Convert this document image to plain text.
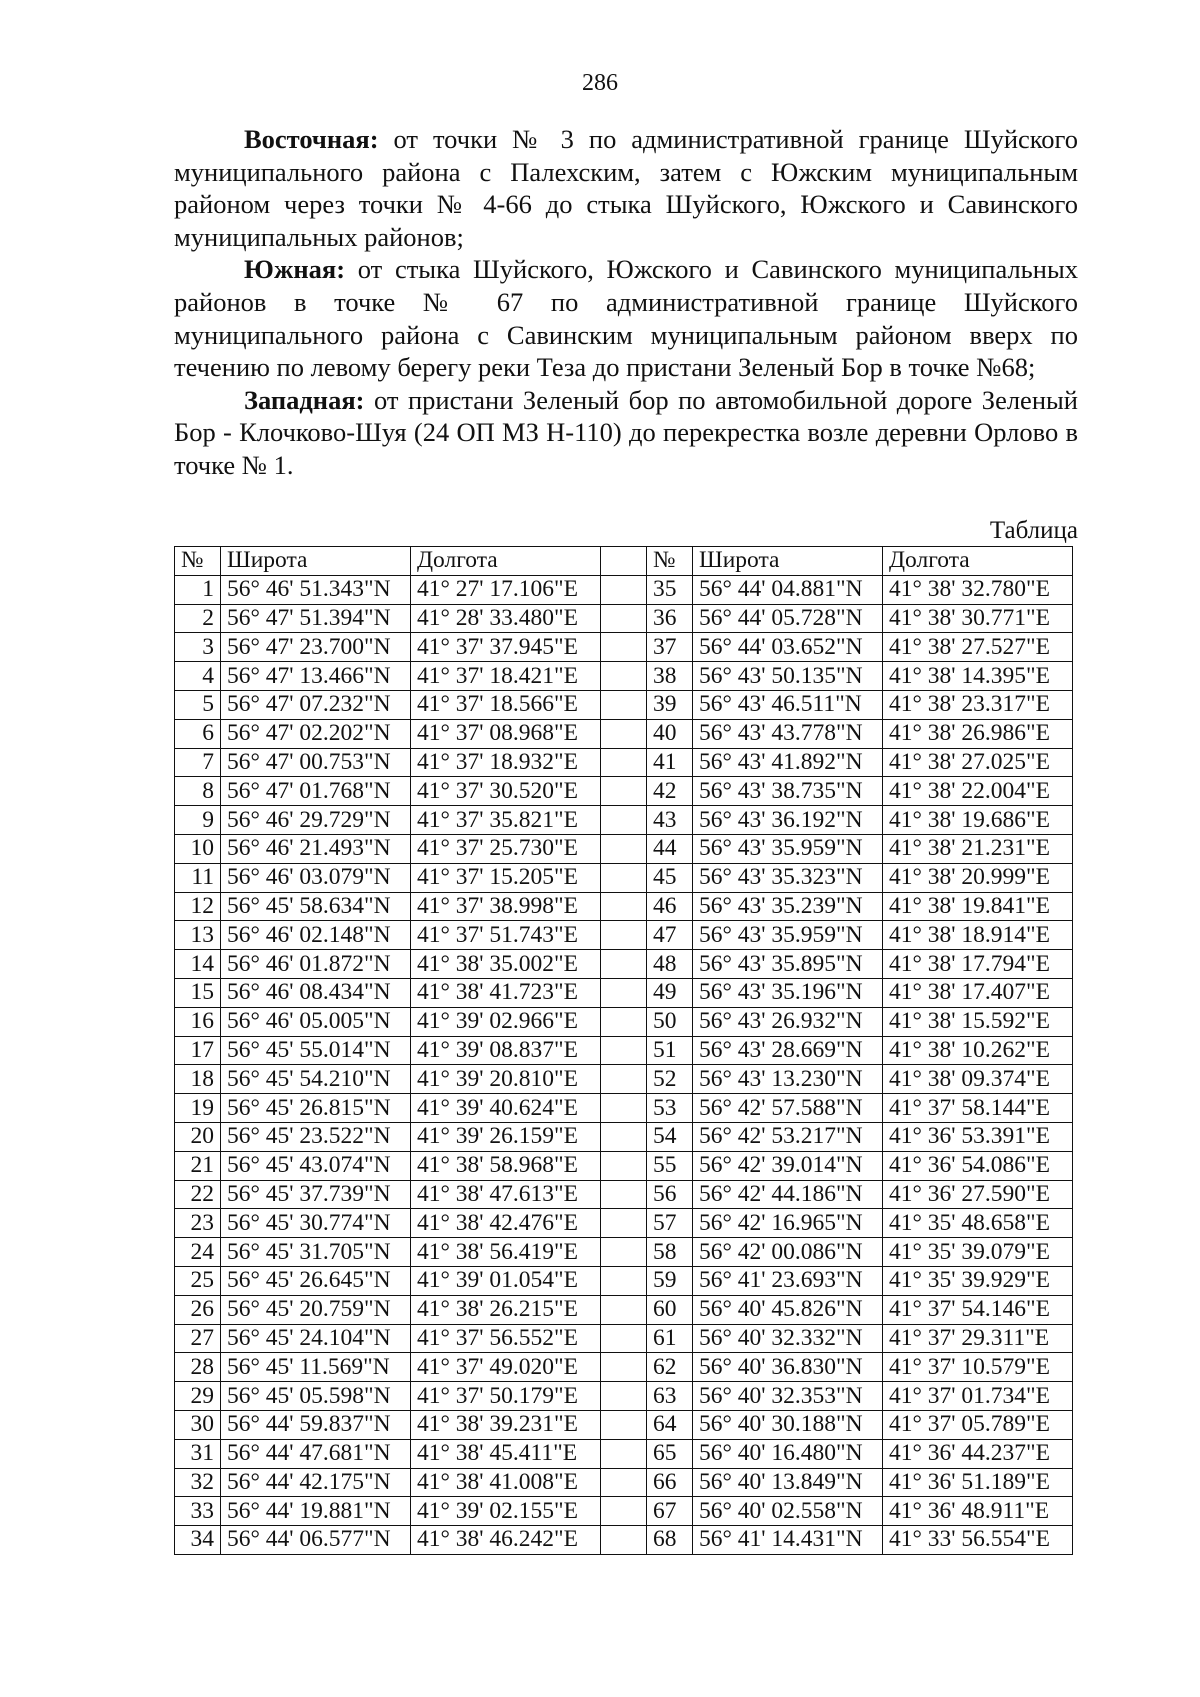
286

Восточная: от точки № 3 по административной границе Шуйского муниципального района с Палехским, затем с Южским муниципальным районом через точки № 4-66 до стыка Шуйского, Южского и Савинского муниципальных районов;

Южная: от стыка Шуйского, Южского и Савинского муниципальных районов в точке № 67 по административной границе Шуйского муниципального района с Савинским муниципальным районом вверх по течению по левому берегу реки Теза до пристани Зеленый Бор в точке №68;

Западная: от пристани Зеленый бор по автомобильной дороге Зеленый Бор - Клочково-Шуя (24 ОП МЗ Н-110) до перекрестка возле деревни Орлово в точке № 1.

Таблица
№	Широта	Долгота		№	Широта	Долгота
1	56° 46' 51.343"N	41° 27' 17.106"E		35	56° 44' 04.881"N	41° 38' 32.780"E
2	56° 47' 51.394"N	41° 28' 33.480"E		36	56° 44' 05.728"N	41° 38' 30.771"E
3	56° 47' 23.700"N	41° 37' 37.945"E		37	56° 44' 03.652"N	41° 38' 27.527"E
4	56° 47' 13.466"N	41° 37' 18.421"E		38	56° 43' 50.135"N	41° 38' 14.395"E
5	56° 47' 07.232"N	41° 37' 18.566"E		39	56° 43' 46.511"N	41° 38' 23.317"E
6	56° 47' 02.202"N	41° 37' 08.968"E		40	56° 43' 43.778"N	41° 38' 26.986"E
7	56° 47' 00.753"N	41° 37' 18.932"E		41	56° 43' 41.892"N	41° 38' 27.025"E
8	56° 47' 01.768"N	41° 37' 30.520"E		42	56° 43' 38.735"N	41° 38' 22.004"E
9	56° 46' 29.729"N	41° 37' 35.821"E		43	56° 43' 36.192"N	41° 38' 19.686"E
10	56° 46' 21.493"N	41° 37' 25.730"E		44	56° 43' 35.959"N	41° 38' 21.231"E
11	56° 46' 03.079"N	41° 37' 15.205"E		45	56° 43' 35.323"N	41° 38' 20.999"E
12	56° 45' 58.634"N	41° 37' 38.998"E		46	56° 43' 35.239"N	41° 38' 19.841"E
13	56° 46' 02.148"N	41° 37' 51.743"E		47	56° 43' 35.959"N	41° 38' 18.914"E
14	56° 46' 01.872"N	41° 38' 35.002"E		48	56° 43' 35.895"N	41° 38' 17.794"E
15	56° 46' 08.434"N	41° 38' 41.723"E		49	56° 43' 35.196"N	41° 38' 17.407"E
16	56° 46' 05.005"N	41° 39' 02.966"E		50	56° 43' 26.932"N	41° 38' 15.592"E
17	56° 45' 55.014"N	41° 39' 08.837"E		51	56° 43' 28.669"N	41° 38' 10.262"E
18	56° 45' 54.210"N	41° 39' 20.810"E		52	56° 43' 13.230"N	41° 38' 09.374"E
19	56° 45' 26.815"N	41° 39' 40.624"E		53	56° 42' 57.588"N	41° 37' 58.144"E
20	56° 45' 23.522"N	41° 39' 26.159"E		54	56° 42' 53.217"N	41° 36' 53.391"E
21	56° 45' 43.074"N	41° 38' 58.968"E		55	56° 42' 39.014"N	41° 36' 54.086"E
22	56° 45' 37.739"N	41° 38' 47.613"E		56	56° 42' 44.186"N	41° 36' 27.590"E
23	56° 45' 30.774"N	41° 38' 42.476"E		57	56° 42' 16.965"N	41° 35' 48.658"E
24	56° 45' 31.705"N	41° 38' 56.419"E		58	56° 42' 00.086"N	41° 35' 39.079"E
25	56° 45' 26.645"N	41° 39' 01.054"E		59	56° 41' 23.693"N	41° 35' 39.929"E
26	56° 45' 20.759"N	41° 38' 26.215"E		60	56° 40' 45.826"N	41° 37' 54.146"E
27	56° 45' 24.104"N	41° 37' 56.552"E		61	56° 40' 32.332"N	41° 37' 29.311"E
28	56° 45' 11.569"N	41° 37' 49.020"E		62	56° 40' 36.830"N	41° 37' 10.579"E
29	56° 45' 05.598"N	41° 37' 50.179"E		63	56° 40' 32.353"N	41° 37' 01.734"E
30	56° 44' 59.837"N	41° 38' 39.231"E		64	56° 40' 30.188"N	41° 37' 05.789"E
31	56° 44' 47.681"N	41° 38' 45.411"E		65	56° 40' 16.480"N	41° 36' 44.237"E
32	56° 44' 42.175"N	41° 38' 41.008"E		66	56° 40' 13.849"N	41° 36' 51.189"E
33	56° 44' 19.881"N	41° 39' 02.155"E		67	56° 40' 02.558"N	41° 36' 48.911"E
34	56° 44' 06.577"N	41° 38' 46.242"E		68	56° 41' 14.431"N	41° 33' 56.554"E
